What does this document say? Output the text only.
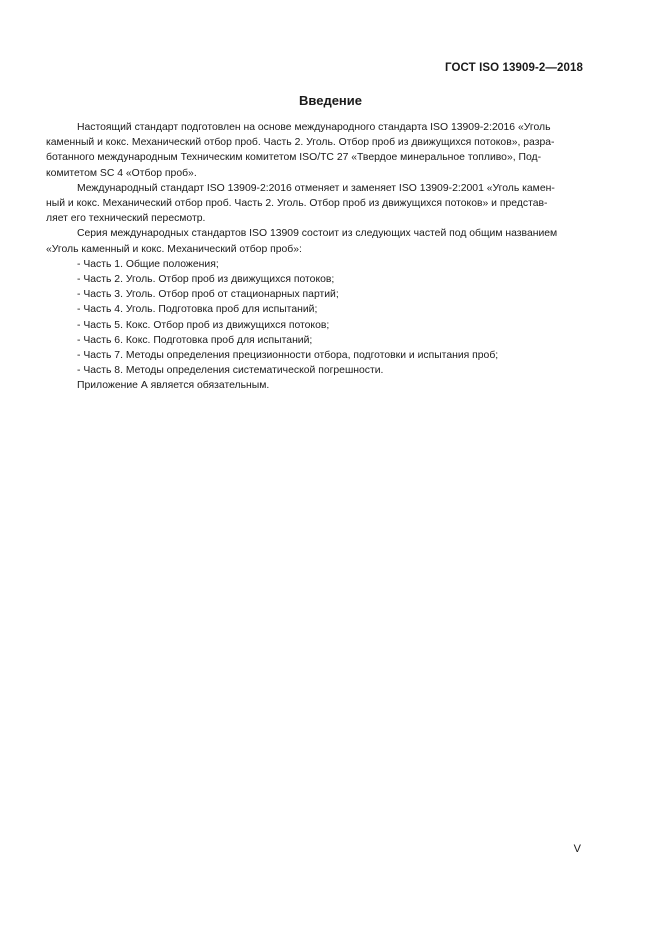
ГОСТ ISO 13909-2—2018
Введение
Настоящий стандарт подготовлен на основе международного стандарта ISO 13909-2:2016 «Уголь
каменный и кокс. Механический отбор проб. Часть 2. Уголь. Отбор проб из движущихся потоков», разра-
ботанного международным Техническим комитетом ISO/TC 27 «Твердое минеральное топливо», Под-
комитетом SC 4 «Отбор проб».
Международный стандарт ISO 13909-2:2016 отменяет и заменяет ISO 13909-2:2001 «Уголь камен-
ный и кокс. Механический отбор проб. Часть 2. Уголь. Отбор проб из движущихся потоков» и представ-
ляет его технический пересмотр.
Серия международных стандартов ISO 13909 состоит из следующих частей под общим названием
«Уголь каменный и кокс. Механический отбор проб»:
- Часть 1. Общие положения;
- Часть 2. Уголь. Отбор проб из движущихся потоков;
- Часть 3. Уголь. Отбор проб от стационарных партий;
- Часть 4. Уголь. Подготовка проб для испытаний;
- Часть 5. Кокс. Отбор проб из движущихся потоков;
- Часть 6. Кокс. Подготовка проб для испытаний;
- Часть 7. Методы определения прецизионности отбора, подготовки и испытания проб;
- Часть 8. Методы определения систематической погрешности.
Приложение А является обязательным.
V
